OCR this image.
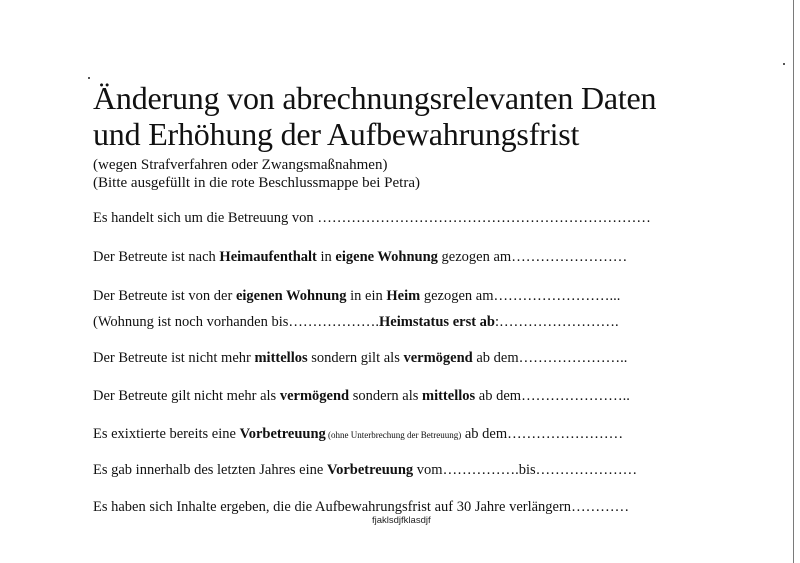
Änderung von abrechnungsrelevanten Daten
und Erhöhung der Aufbewahrungsfrist
(wegen Strafverfahren oder Zwangsmaßnahmen)
(Bitte ausgefüllt in die rote Beschlussmappe bei Petra)
Es handelt sich um die Betreuung von ……………………………………………………………
Der Betreute ist nach Heimaufenthalt in eigene Wohnung gezogen am……………………
Der Betreute ist von der eigenen Wohnung in ein Heim gezogen am……………………...
(Wohnung ist noch vorhanden bis……………….Heimstatus erst ab:…………………….
Der Betreute ist nicht mehr mittellos sondern gilt als vermögend ab dem…………………..
Der Betreute gilt nicht mehr als vermögend sondern als mittellos ab dem…………………..
Es exixtierte bereits eine Vorbetreuung (ohne Unterbrechung der Betreuung) ab dem……………………
Es gab innerhalb des letzten Jahres eine Vorbetreuung vom…………….bis…………………
Es haben sich Inhalte ergeben, die die Aufbewahrungsfrist auf 30 Jahre verlängern…………
fjaklsdjfklasdjf
